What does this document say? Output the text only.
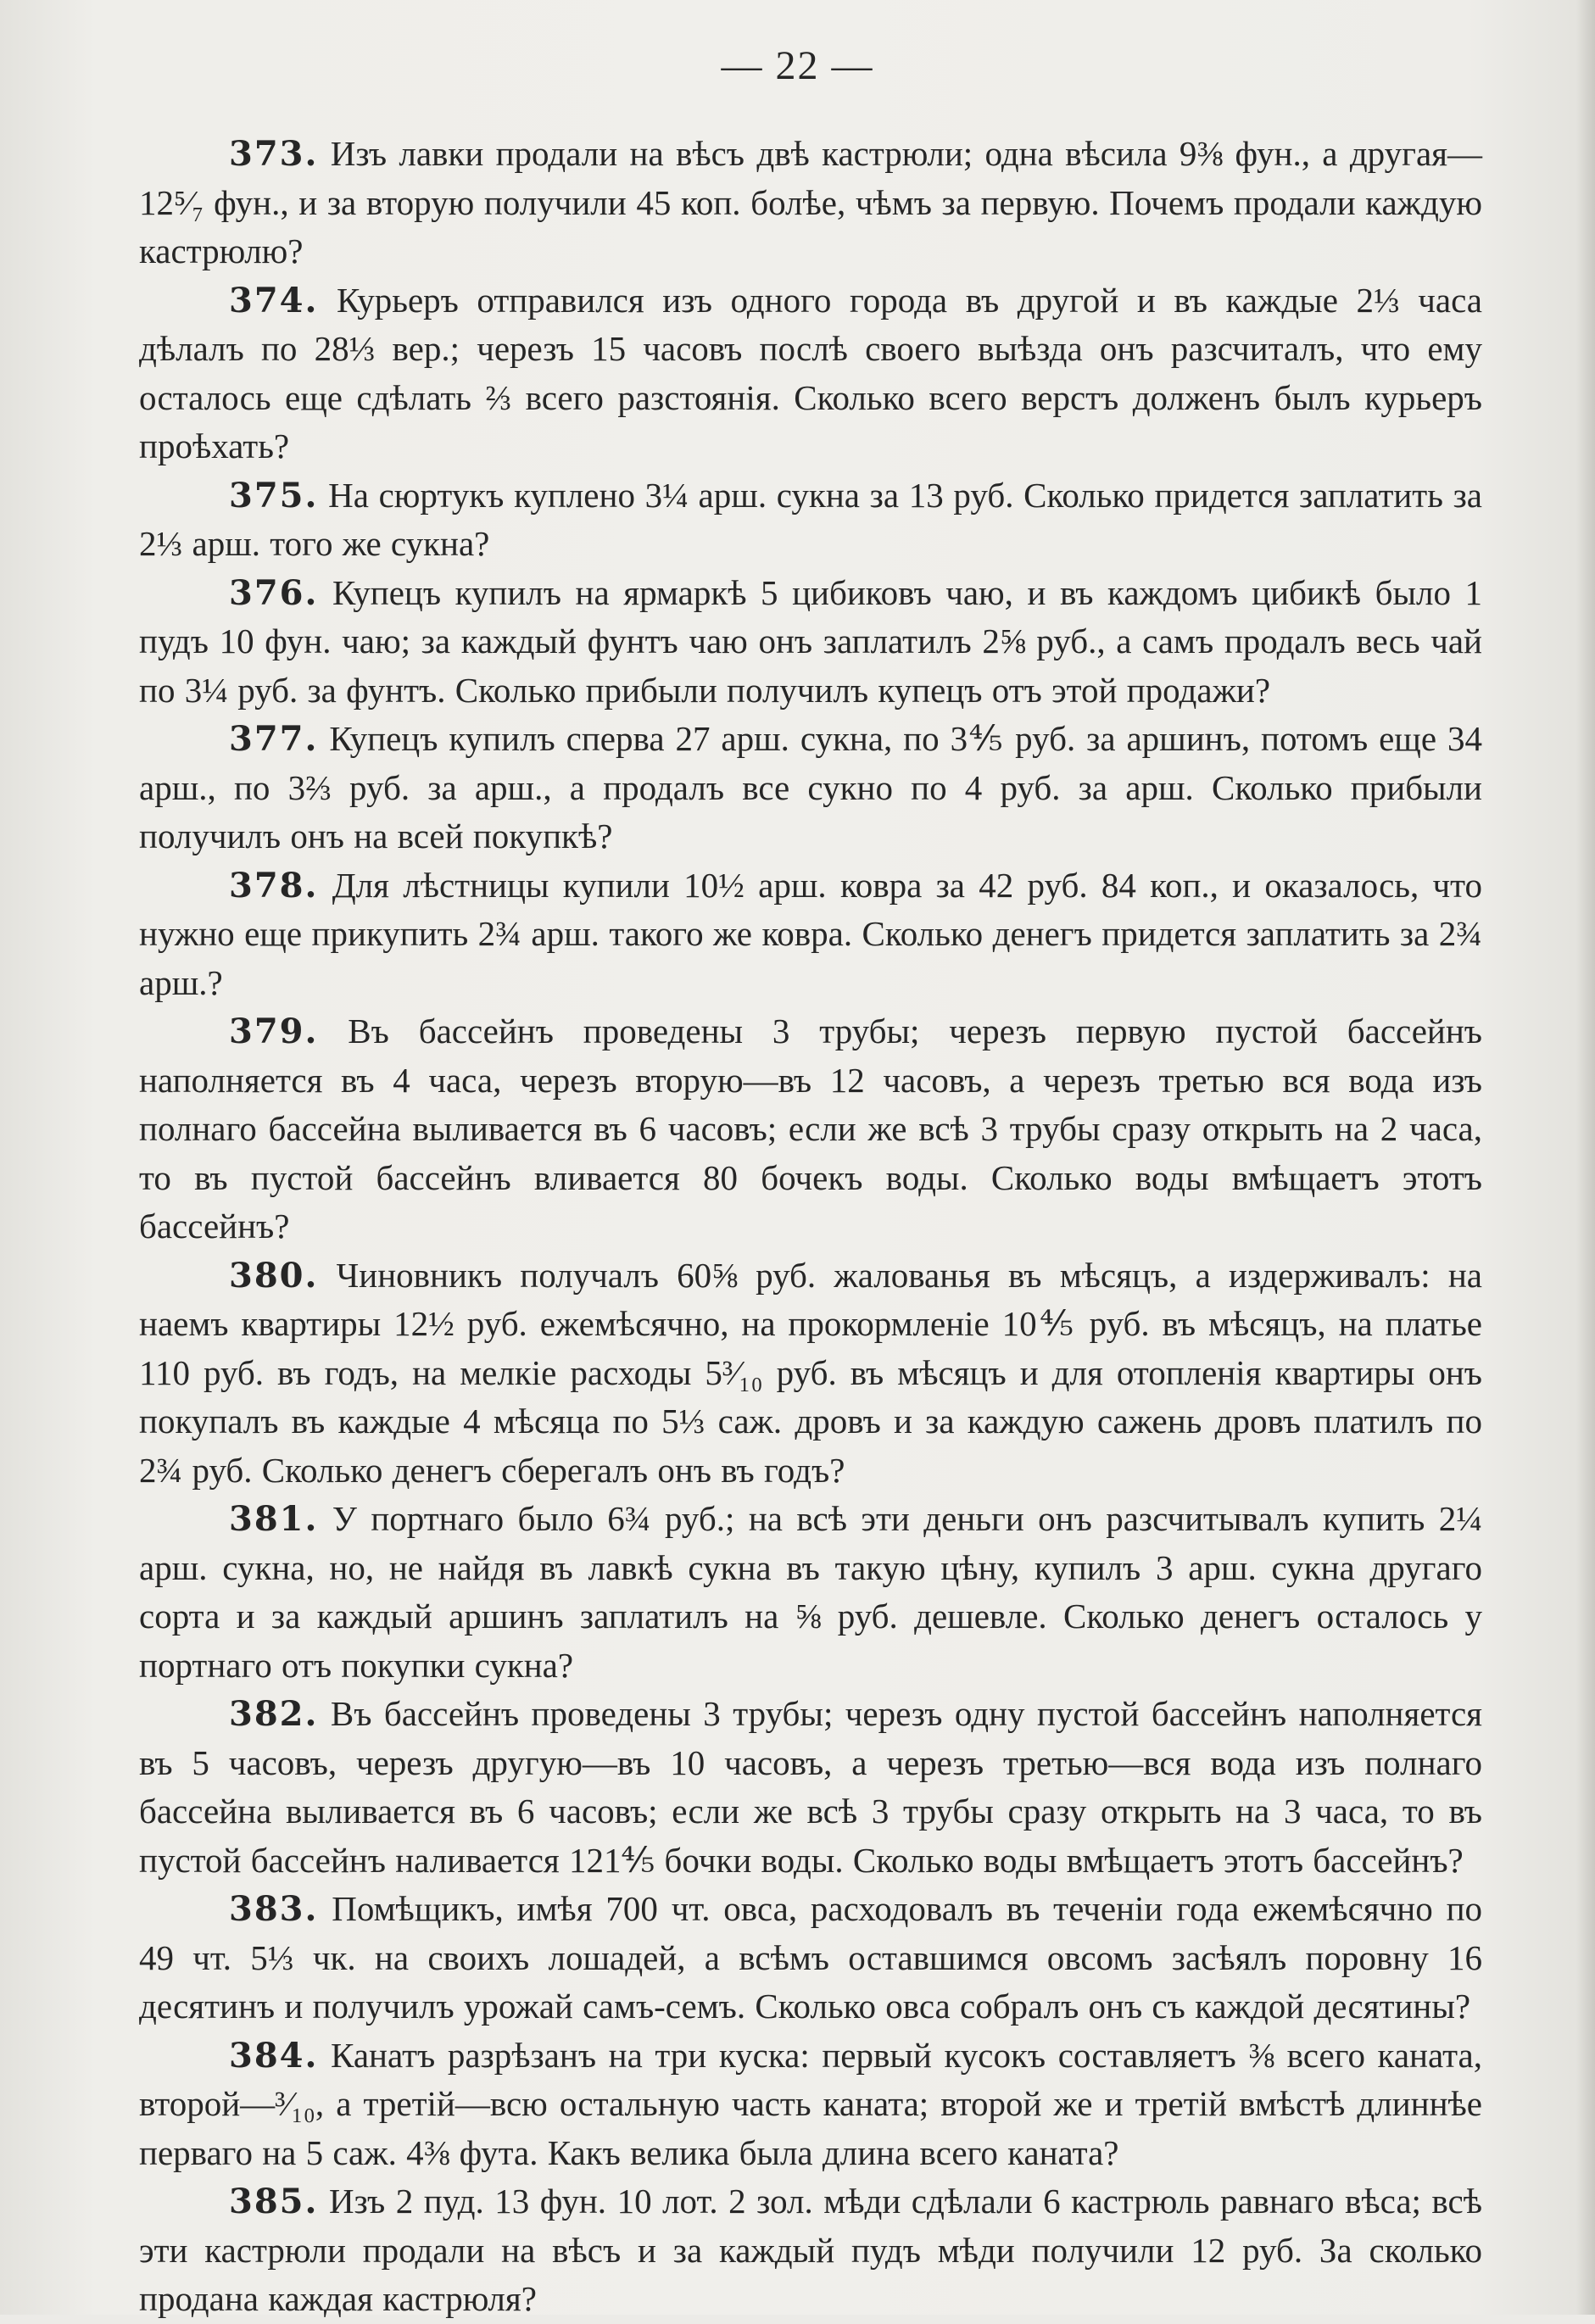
— 22 —

373. Изъ лавки продали на вѣсъ двѣ кастрюли; одна вѣсила 9⅜ фун., а другая—12⁵⁄₇ фун., и за вторую получили 45 коп. болѣе, чѣмъ за первую. Почемъ продали каждую кастрюлю?

374. Курьеръ отправился изъ одного города въ другой и въ каждые 2⅓ часа дѣлалъ по 28⅓ вер.; черезъ 15 часовъ послѣ своего выѣзда онъ разсчиталъ, что ему осталось еще сдѣлать ⅔ всего разстоянія. Сколько всего верстъ долженъ былъ курьеръ проѣхать?

375. На сюртукъ куплено 3¼ арш. сукна за 13 руб. Сколько придется заплатить за 2⅓ арш. того же сукна?

376. Купецъ купилъ на ярмаркѣ 5 цибиковъ чаю, и въ каждомъ цибикѣ было 1 пудъ 10 фун. чаю; за каждый фунтъ чаю онъ заплатилъ 2⅝ руб., а самъ продалъ весь чай по 3¼ руб. за фунтъ. Сколько прибыли получилъ купецъ отъ этой продажи?

377. Купецъ купилъ сперва 27 арш. сукна, по 3⅘ руб. за аршинъ, потомъ еще 34 арш., по 3⅔ руб. за арш., а продалъ все сукно по 4 руб. за арш. Сколько прибыли получилъ онъ на всей покупкѣ?

378. Для лѣстницы купили 10½ арш. ковра за 42 руб. 84 коп., и оказалось, что нужно еще прикупить 2¾ арш. такого же ковра. Сколько денегъ придется заплатить за 2¾ арш.?

379. Въ бассейнъ проведены 3 трубы; черезъ первую пустой бассейнъ наполняется въ 4 часа, черезъ вторую—въ 12 часовъ, а черезъ третью вся вода изъ полнаго бассейна выливается въ 6 часовъ; если же всѣ 3 трубы сразу открыть на 2 часа, то въ пустой бассейнъ вливается 80 бочекъ воды. Сколько воды вмѣщаетъ этотъ бассейнъ?

380. Чиновникъ получалъ 60⅝ руб. жалованья въ мѣсяцъ, а издерживалъ: на наемъ квартиры 12½ руб. ежемѣсячно, на прокормленіе 10⅘ руб. въ мѣсяцъ, на платье 110 руб. въ годъ, на мелкіе расходы 5³⁄₁₀ руб. въ мѣсяцъ и для отопленія квартиры онъ покупалъ въ каждые 4 мѣсяца по 5⅓ саж. дровъ и за каждую сажень дровъ платилъ по 2¾ руб. Сколько денегъ сберегалъ онъ въ годъ?

381. У портнаго было 6¾ руб.; на всѣ эти деньги онъ разсчитывалъ купить 2¼ арш. сукна, но, не найдя въ лавкѣ сукна въ такую цѣну, купилъ 3 арш. сукна другаго сорта и за каждый аршинъ заплатилъ на ⅝ руб. дешевле. Сколько денегъ осталось у портнаго отъ покупки сукна?

382. Въ бассейнъ проведены 3 трубы; черезъ одну пустой бассейнъ наполняется въ 5 часовъ, черезъ другую—въ 10 часовъ, а черезъ третью—вся вода изъ полнаго бассейна выливается въ 6 часовъ; если же всѣ 3 трубы сразу открыть на 3 часа, то въ пустой бассейнъ наливается 121⅘ бочки воды. Сколько воды вмѣщаетъ этотъ бассейнъ?

383. Помѣщикъ, имѣя 700 чт. овса, расходовалъ въ теченіи года ежемѣсячно по 49 чт. 5⅓ чк. на своихъ лошадей, а всѣмъ оставшимся овсомъ засѣялъ поровну 16 десятинъ и получилъ урожай самъ-семъ. Сколько овса собралъ онъ съ каждой десятины?

384. Канатъ разрѣзанъ на три куска: первый кусокъ составляетъ ⅜ всего каната, второй—³⁄₁₀, а третій—всю остальную часть каната; второй же и третій вмѣстѣ длиннѣе перваго на 5 саж. 4⅜ фута. Какъ велика была длина всего каната?

385. Изъ 2 пуд. 13 фун. 10 лот. 2 зол. мѣди сдѣлали 6 кастрюль равнаго вѣса; всѣ эти кастрюли продали на вѣсъ и за каждый пудъ мѣди получили 12 руб. За сколько продана каждая кастрюля?
